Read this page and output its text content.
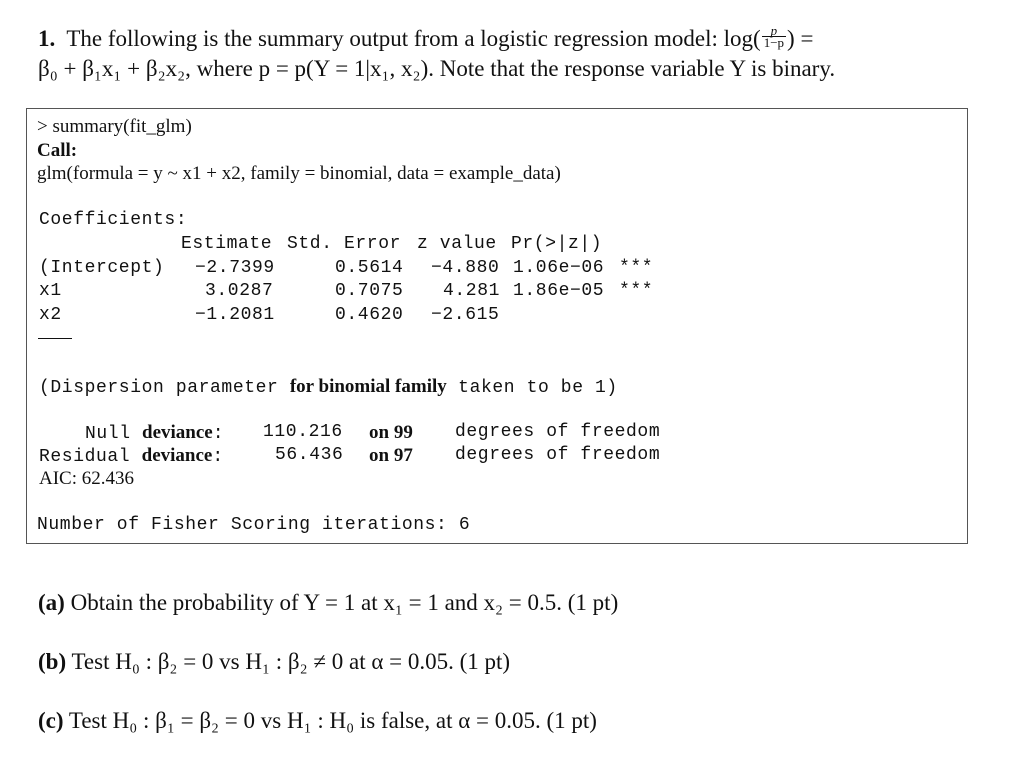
1. The following is the summary output from a logistic regression model: $\log( \frac{p}{1-p}$ ) =
β₀ + β₁x₁ + β₂x₂, where p = p(Y = 1|x₁, x₂). Note that the response variable Y is binary.
> summary(fit_glm)
Call:
glm(formula = y ~ x1 + x2, family = binomial, data = example_data)
Coefficients:
Estimate Std. Error z value Pr(>|z|)
(Intercept) −2.7399	0.5614 −4.880 1.06e−06 ***
x1	3.0287	0.7075 4.281 1.86e−05 ***
x2	−1.2081	0.4620 −2.615
(Dispersion parameter for binomial family taken to be 1)
Null deviance: 110.216 on 99 degrees of freedom
Residual deviance:	56.436 on 97 degrees of freedom
AIC: 62.436
Number of Fisher Scoring iterations: 6
(a) Obtain the probability of Y = 1 at x₁ = 1 and x₂ = 0.5. (1 pt)
(b) Test H₀ : β₂ = 0 vs H₁ : β₂ ≠ 0 at α = 0.05. (1 pt)
(c) Test H₀ : β₁ = β₂ = 0 vs H₁ : H₀ is false, at α = 0.05. (1 pt)
